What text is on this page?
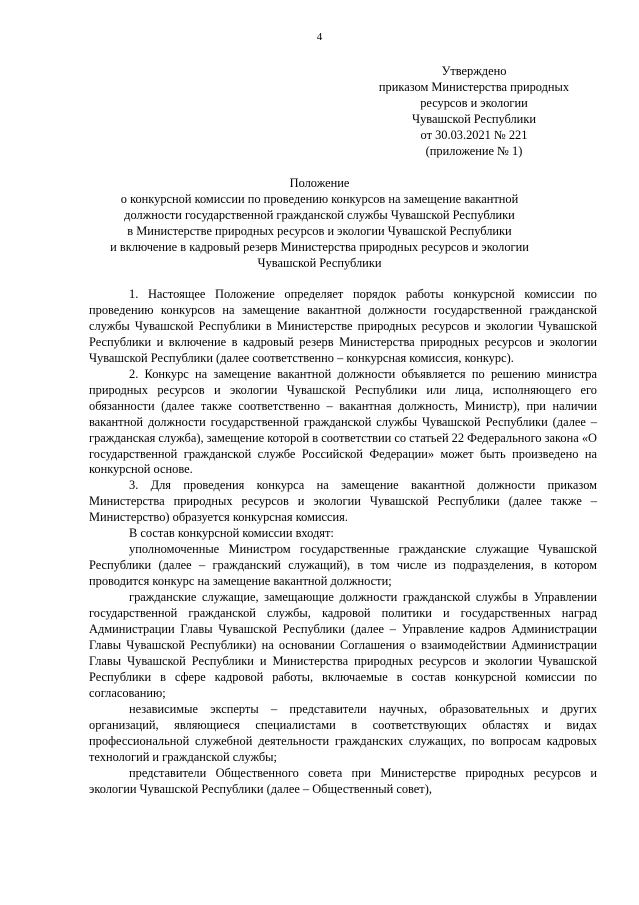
4
Утверждено
приказом Министерства природных
ресурсов и экологии
Чувашской Республики
от 30.03.2021 № 221
(приложение № 1)
Положение
о конкурсной комиссии по проведению конкурсов на замещение вакантной
должности государственной гражданской службы Чувашской Республики
в Министерстве природных ресурсов и экологии Чувашской Республики
и включение в кадровый резерв Министерства природных ресурсов и экологии
Чувашской Республики

1. Настоящее Положение определяет порядок работы конкурсной комиссии по проведению конкурсов на замещение вакантной должности государственной гражданской службы Чувашской Республики в Министерстве природных ресурсов и экологии Чувашской Республики и включение в кадровый резерв Министерства природных ресурсов и экологии Чувашской Республики (далее соответственно – конкурсная комиссия, конкурс).

2. Конкурс на замещение вакантной должности объявляется по решению министра природных ресурсов и экологии Чувашской Республики или лица, исполняющего его обязанности (далее также соответственно – вакантная должность, Министр), при наличии вакантной должности государственной гражданской службы Чувашской Республики (далее – гражданская служба), замещение которой в соответствии со статьей 22 Федерального закона «О государственной гражданской службе Российской Федерации» может быть произведено на конкурсной основе.

3. Для проведения конкурса на замещение вакантной должности приказом Министерства природных ресурсов и экологии Чувашской Республики (далее также – Министерство) образуется конкурсная комиссия.

В состав конкурсной комиссии входят:

уполномоченные Министром государственные гражданские служащие Чувашской Республики (далее – гражданский служащий), в том числе из подразделения, в котором проводится конкурс на замещение вакантной должности;

гражданские служащие, замещающие должности гражданской службы в Управлении государственной гражданской службы, кадровой политики и государственных наград Администрации Главы Чувашской Республики (далее – Управление кадров Администрации Главы Чувашской Республики) на основании Соглашения о взаимодействии Администрации Главы Чувашской Республики и Министерства природных ресурсов и экологии Чувашской Республики в сфере кадровой работы, включаемые в состав конкурсной комиссии по согласованию;

независимые эксперты – представители научных, образовательных и других организаций, являющиеся специалистами в соответствующих областях и видах профессиональной служебной деятельности гражданских служащих, по вопросам кадровых технологий и гражданской службы;

представители Общественного совета при Министерстве природных ресурсов и экологии Чувашской Республики (далее – Общественный совет),
